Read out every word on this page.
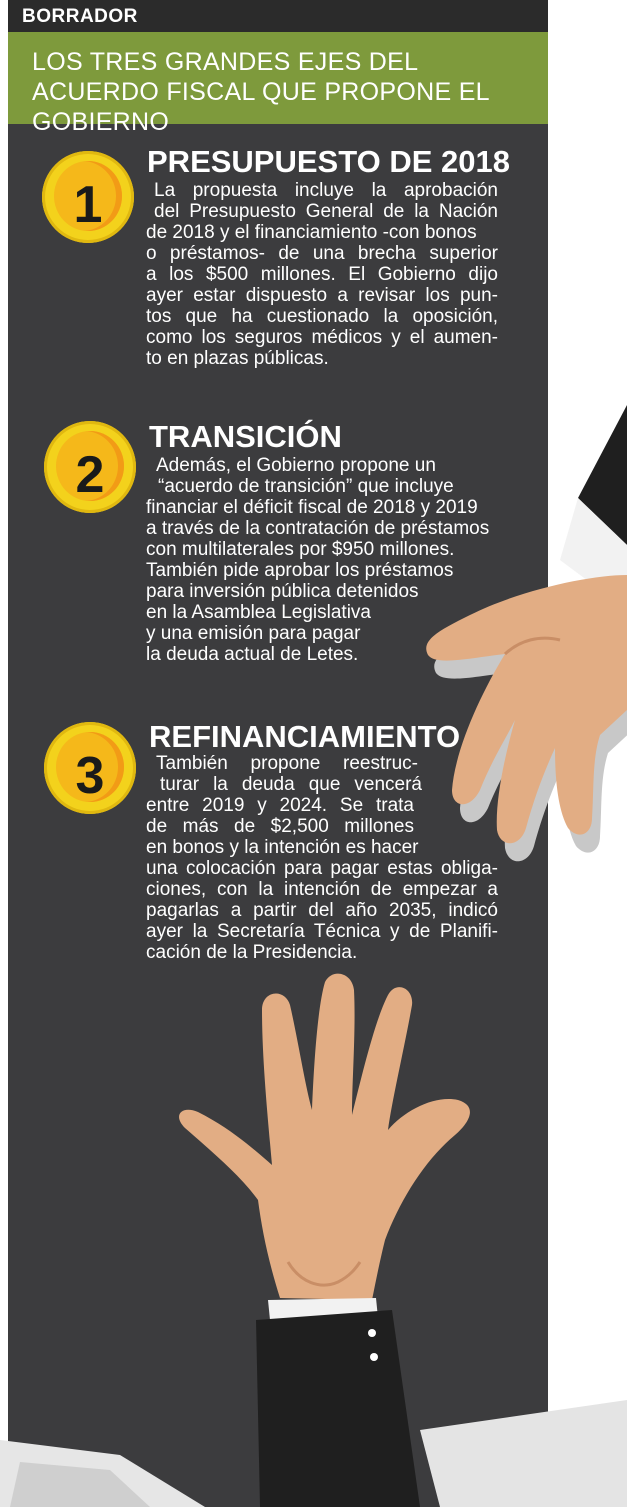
BORRADOR
LOS TRES GRANDES EJES DEL ACUERDO FISCAL QUE PROPONE EL GOBIERNO
1
PRESUPUESTO DE 2018
La propuesta incluye la aprobación
del Presupuesto General de la Nación
de 2018 y el financiamiento -con bonos
o préstamos- de una brecha superior
a los $500 millones. El Gobierno dijo
ayer estar dispuesto a revisar los pun-
tos que ha cuestionado la oposición,
como los seguros médicos y el aumen-
to en plazas públicas.
2
TRANSICIÓN
Además, el Gobierno propone un
“acuerdo de transición” que incluye
financiar el déficit fiscal de 2018 y 2019
a través de la contratación de préstamos
con multilaterales por $950 millones.
También pide aprobar los préstamos
para inversión pública detenidos
en la Asamblea Legislativa
y una emisión para pagar
la deuda actual de Letes.
3
REFINANCIAMIENTO
También propone reestruc-
turar la deuda que vencerá
entre 2019 y 2024. Se trata
de más de $2,500 millones
en bonos y la intención es hacer
una colocación para pagar estas obliga-
ciones, con la intención de empezar a
pagarlas a partir del año 2035, indicó
ayer la Secretaría Técnica y de Planifi-
cación de la Presidencia.
